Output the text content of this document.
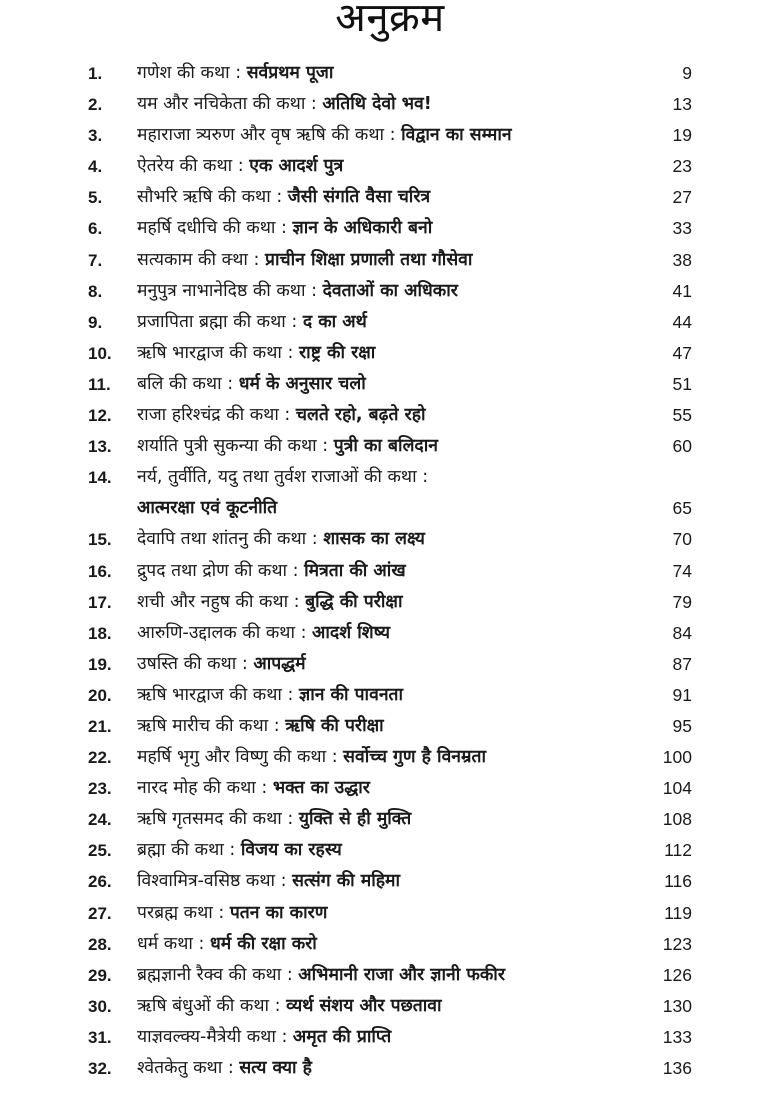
अनुक्रम
1.	गणेश की कथा : सर्वप्रथम पूजा	9
2.	यम और नचिकेता की कथा : अतिथि देवो भव!	13
3.	महाराजा त्र्यरुण और वृष ऋषि की कथा : विद्वान का सम्मान	19
4.	ऐतरेय की कथा : एक आदर्श पुत्र	23
5.	सौभरि ऋषि की कथा : जैसी संगति वैसा चरित्र	27
6.	महर्षि दधीचि की कथा : ज्ञान के अधिकारी बनो	33
7.	सत्यकाम की क्था : प्राचीन शिक्षा प्रणाली तथा गौसेवा	38
8.	मनुपुत्र नाभानेदिष्ठ की कथा : देवताओं का अधिकार	41
9.	प्रजापिता ब्रह्मा की कथा : द का अर्थ	44
10.	ऋषि भारद्वाज की कथा : राष्ट्र की रक्षा	47
11.	बलि की कथा : धर्म के अनुसार चलो	51
12.	राजा हरिश्चंद्र की कथा : चलते रहो, बढ़ते रहो	55
13.	शर्याति पुत्री सुकन्या की कथा : पुत्री का बलिदान	60
14.	नर्य, तुर्वीति, यदु तथा तुर्वश राजाओं की कथा :
आत्मरक्षा एवं कूटनीति	65
15.	देवापि तथा शांतनु की कथा : शासक का लक्ष्य	70
16.	द्रुपद तथा द्रोण की कथा : मित्रता की आंख	74
17.	शची और नहुष की कथा : बुद्धि की परीक्षा	79
18.	आरुणि-उद्दालक की कथा : आदर्श शिष्य	84
19.	उषस्ति की कथा : आपद्धर्म	87
20.	ऋषि भारद्वाज की कथा : ज्ञान की पावनता	91
21.	ऋषि मारीच की कथा : ऋषि की परीक्षा	95
22.	महर्षि भृगु और विष्णु की कथा : सर्वोच्च गुण है विनम्रता	100
23.	नारद मोह की कथा : भक्त का उद्धार	104
24.	ऋषि गृतसमद की कथा : युक्ति से ही मुक्ति	108
25.	ब्रह्मा की कथा : विजय का रहस्य	112
26.	विश्वामित्र-वसिष्ठ कथा : सत्संग की महिमा	116
27.	परब्रह्म कथा : पतन का कारण	119
28.	धर्म कथा : धर्म की रक्षा करो	123
29.	ब्रह्मज्ञानी रैक्व की कथा : अभिमानी राजा और ज्ञानी फकीर	126
30.	ऋषि बंधुओं की कथा : व्यर्थ संशय और पछतावा	130
31.	याज्ञवल्क्य-मैत्रेयी कथा : अमृत की प्राप्ति	133
32.	श्वेतकेतु कथा : सत्य क्या है	136
